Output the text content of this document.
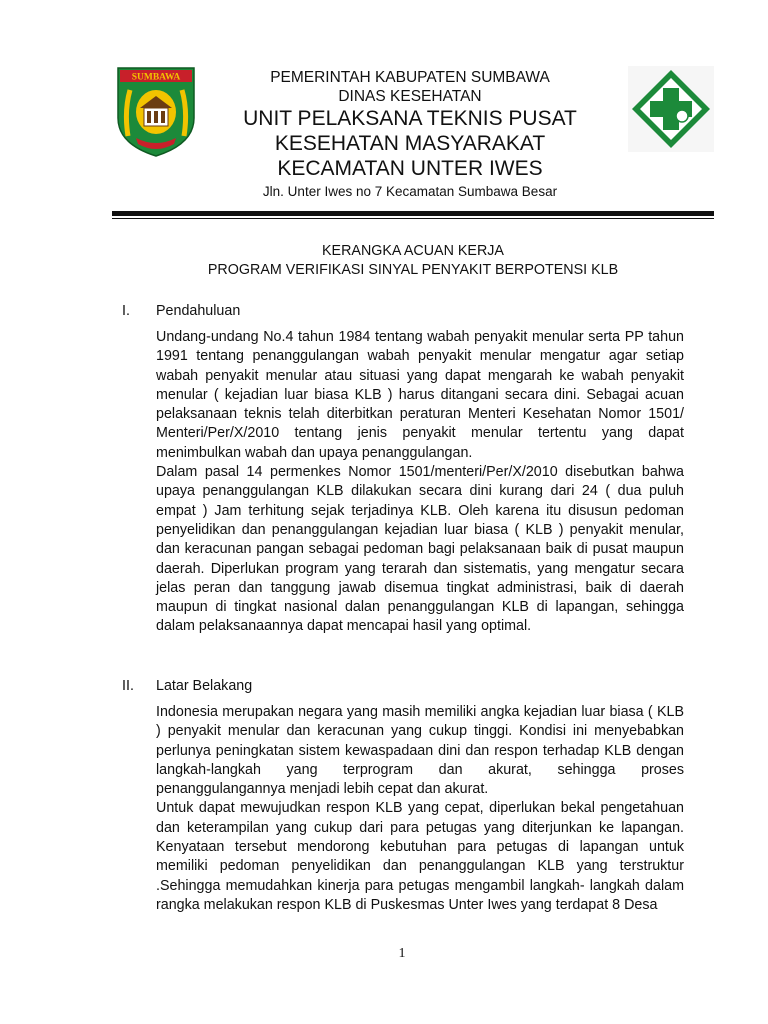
SUMBAWA	PEMERINTAH KABUPATEN SUMBAWA
DINAS KESEHATAN
UNIT PELAKSANA TEKNIS PUSAT
KESEHATAN MASYARAKAT
KECAMATAN UNTER IWES
Jln. Unter Iwes no 7 Kecamatan Sumbawa Besar
KERANGKA ACUAN KERJA
PROGRAM VERIFIKASI SINYAL PENYAKIT BERPOTENSI KLB
I. Pendahuluan

Undang-undang No.4 tahun 1984 tentang wabah penyakit menular serta PP tahun 1991 tentang penanggulangan wabah penyakit menular mengatur agar setiap wabah penyakit menular atau situasi yang dapat mengarah ke wabah penyakit menular ( kejadian luar biasa KLB ) harus ditangani secara dini. Sebagai acuan pelaksanaan teknis telah diterbitkan peraturan Menteri Kesehatan Nomor 1501/ Menteri/Per/X/2010 tentang jenis penyakit menular tertentu yang dapat menimbulkan wabah dan upaya penanggulangan.

Dalam pasal 14 permenkes Nomor 1501/menteri/Per/X/2010 disebutkan bahwa upaya penanggulangan KLB dilakukan secara dini kurang dari 24 ( dua puluh empat ) Jam terhitung sejak terjadinya KLB. Oleh karena itu disusun pedoman penyelidikan dan penanggulangan kejadian luar biasa ( KLB ) penyakit menular, dan keracunan pangan sebagai pedoman bagi pelaksanaan baik di pusat maupun daerah. Diperlukan program yang terarah dan sistematis, yang mengatur secara jelas peran dan tanggung jawab disemua tingkat administrasi, baik di daerah maupun di tingkat nasional dalan penanggulangan KLB di lapangan, sehingga dalam pelaksanaannya dapat mencapai hasil yang optimal.

II. Latar Belakang

Indonesia merupakan negara yang masih memiliki angka kejadian luar biasa ( KLB ) penyakit menular dan keracunan yang cukup tinggi. Kondisi ini menyebabkan perlunya peningkatan sistem kewaspadaan dini dan respon terhadap KLB dengan langkah-langkah yang terprogram dan akurat, sehingga proses penanggulangannya menjadi lebih cepat dan akurat.

Untuk dapat mewujudkan respon KLB yang cepat, diperlukan bekal pengetahuan dan keterampilan yang cukup dari para petugas yang diterjunkan ke lapangan. Kenyataan tersebut mendorong kebutuhan para petugas di lapangan untuk memiliki pedoman penyelidikan dan penanggulangan KLB yang terstruktur .Sehingga memudahkan kinerja para petugas mengambil langkah- langkah dalam rangka melakukan respon KLB di Puskesmas Unter Iwes yang terdapat 8 Desa

1
